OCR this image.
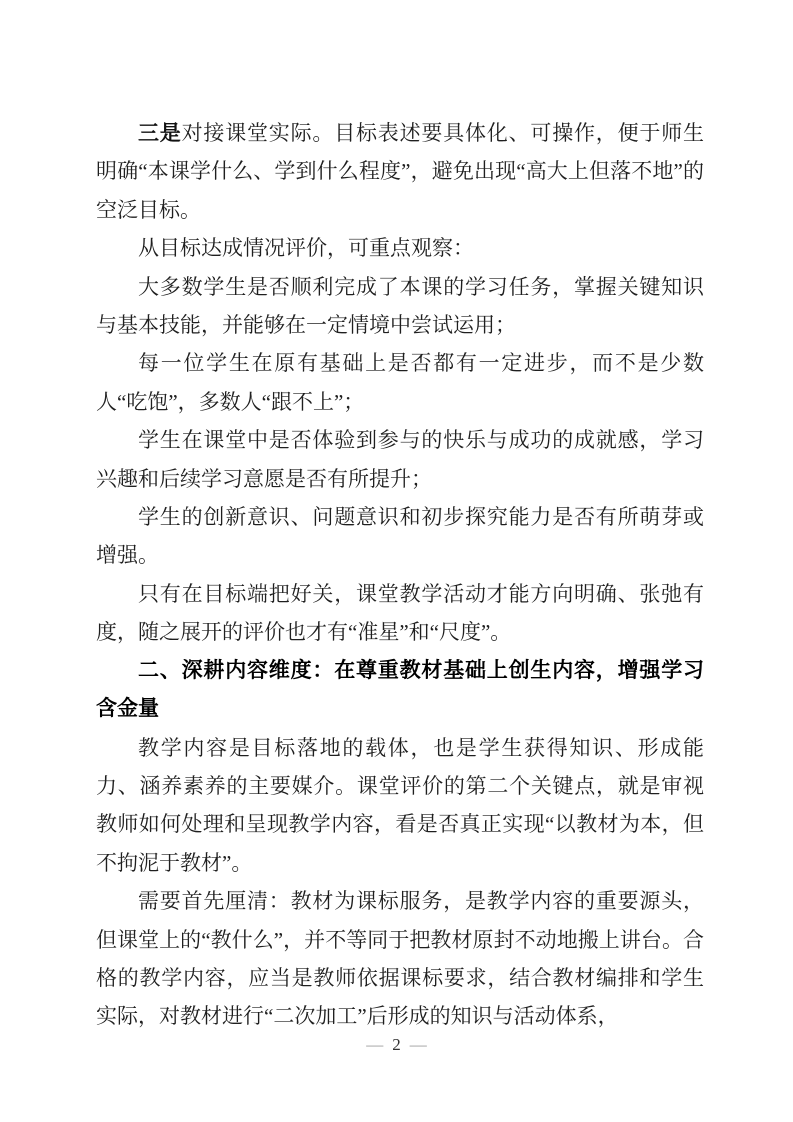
三是对接课堂实际。目标表述要具体化、可操作，便于师生明确“本课学什么、学到什么程度”，避免出现“高大上但落不地”的空泛目标。

从目标达成情况评价，可重点观察：

大多数学生是否顺利完成了本课的学习任务，掌握关键知识与基本技能，并能够在一定情境中尝试运用；

每一位学生在原有基础上是否都有一定进步，而不是少数人“吃饱”，多数人“跟不上”；

学生在课堂中是否体验到参与的快乐与成功的成就感，学习兴趣和后续学习意愿是否有所提升；

学生的创新意识、问题意识和初步探究能力是否有所萌芽或增强。

只有在目标端把好关，课堂教学活动才能方向明确、张弛有度，随之展开的评价也才有“准星”和“尺度”。

二、深耕内容维度：在尊重教材基础上创生内容，增强学习含金量

教学内容是目标落地的载体，也是学生获得知识、形成能力、涵养素养的主要媒介。课堂评价的第二个关键点，就是审视教师如何处理和呈现教学内容，看是否真正实现“以教材为本，但不拘泥于教材”。

需要首先厘清：教材为课标服务，是教学内容的重要源头，但课堂上的“教什么”，并不等同于把教材原封不动地搬上讲台。合格的教学内容，应当是教师依据课标要求，结合教材编排和学生实际，对教材进行“二次加工”后形成的知识与活动体系，

— 2 —
